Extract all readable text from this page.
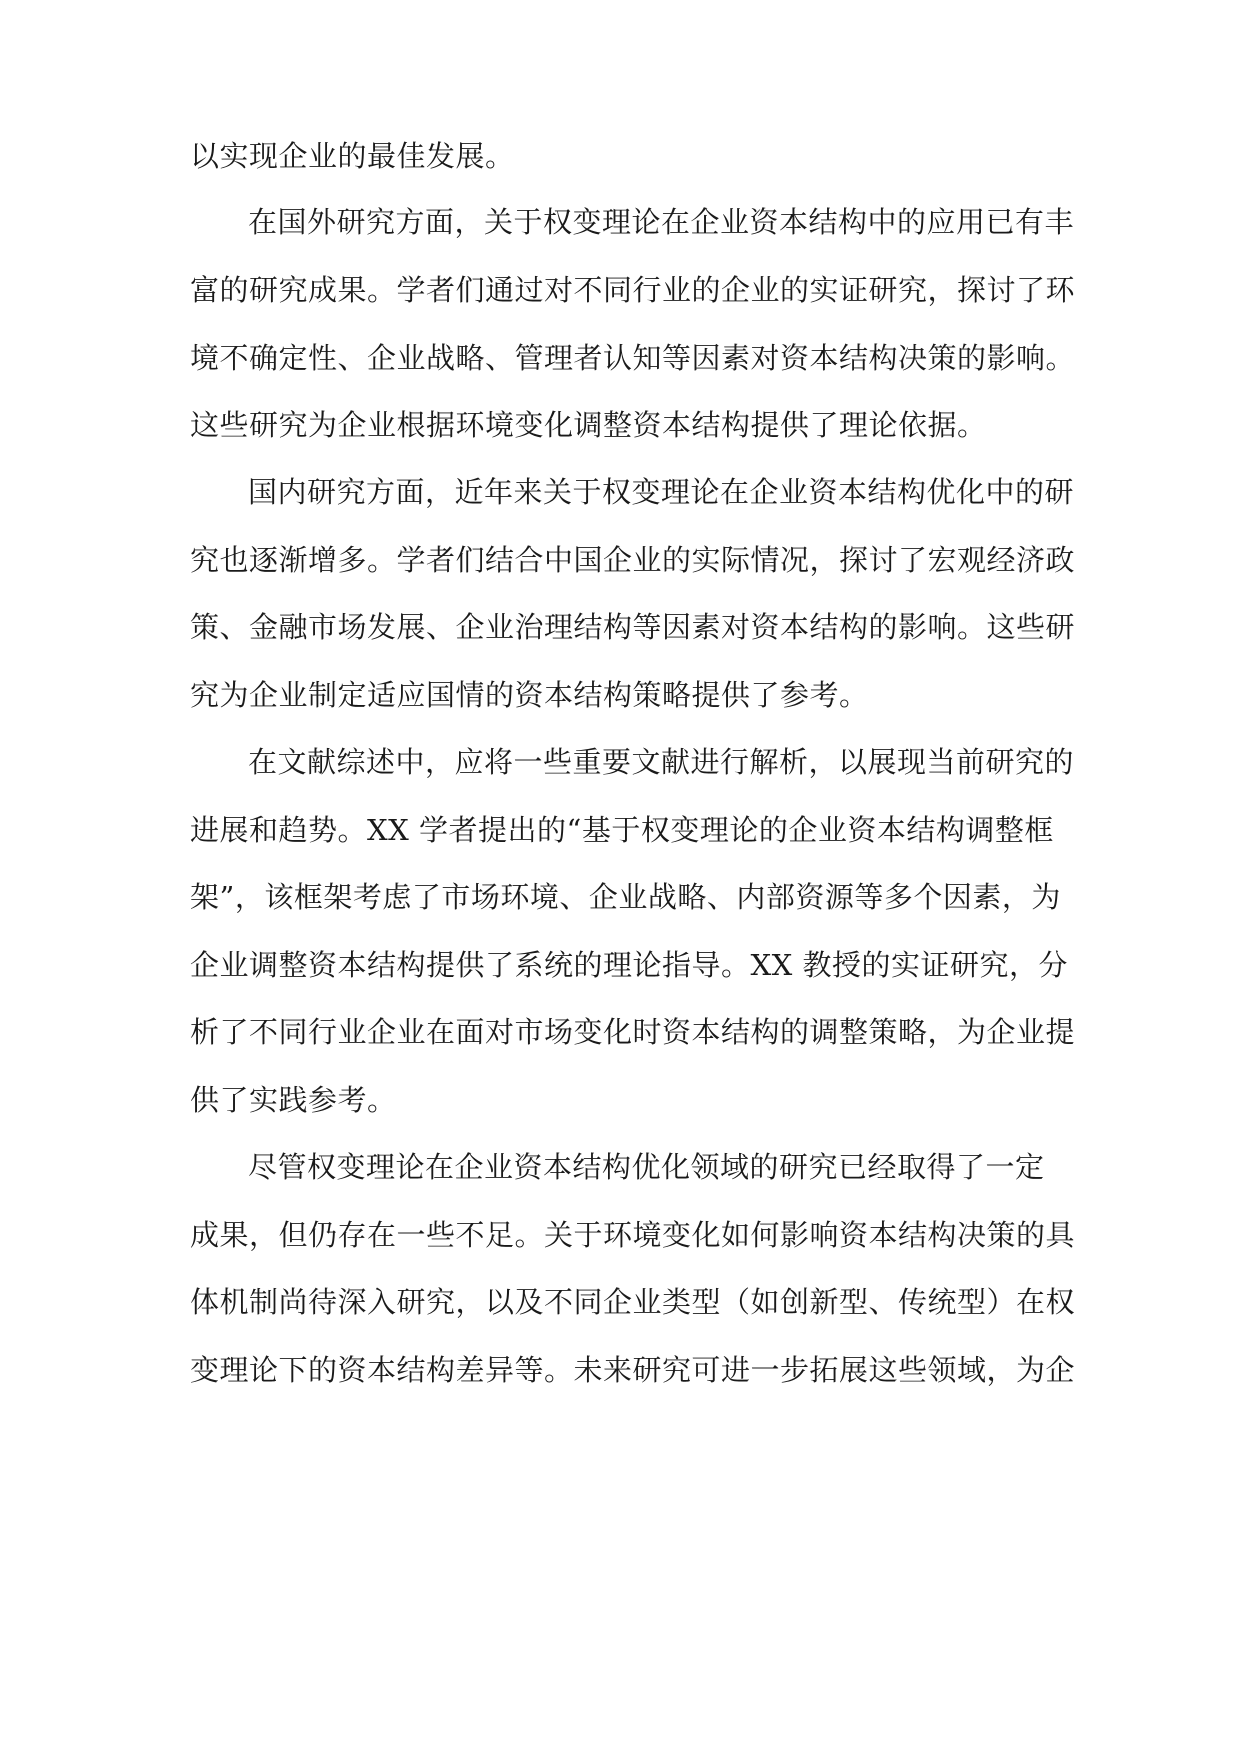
以实现企业的最佳发展。
在国外研究方面，关于权变理论在企业资本结构中的应用已有丰
富的研究成果。学者们通过对不同行业的企业的实证研究，探讨了环
境不确定性、企业战略、管理者认知等因素对资本结构决策的影响。
这些研究为企业根据环境变化调整资本结构提供了理论依据。
国内研究方面，近年来关于权变理论在企业资本结构优化中的研
究也逐渐增多。学者们结合中国企业的实际情况，探讨了宏观经济政
策、金融市场发展、企业治理结构等因素对资本结构的影响。这些研
究为企业制定适应国情的资本结构策略提供了参考。
在文献综述中，应将一些重要文献进行解析，以展现当前研究的
进展和趋势。XX 学者提出的“基于权变理论的企业资本结构调整框
架”，该框架考虑了市场环境、企业战略、内部资源等多个因素，为
企业调整资本结构提供了系统的理论指导。XX 教授的实证研究，分
析了不同行业企业在面对市场变化时资本结构的调整策略，为企业提
供了实践参考。
尽管权变理论在企业资本结构优化领域的研究已经取得了一定
成果，但仍存在一些不足。关于环境变化如何影响资本结构决策的具
体机制尚待深入研究，以及不同企业类型（如创新型、传统型）在权
变理论下的资本结构差异等。未来研究可进一步拓展这些领域，为企
